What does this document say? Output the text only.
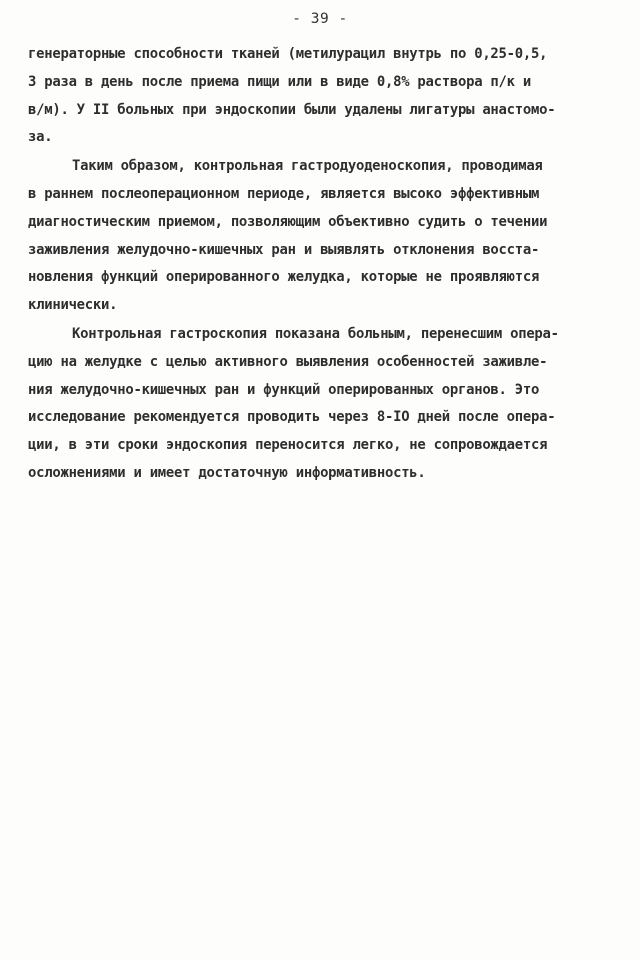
- 39 -
генераторные способности тканей (метилурацил внутрь по 0,25-0,5,
3 раза в день после приема пищи или в виде 0,8% раствора п/к и
в/м). У II больных при эндоскопии были удалены лигатуры анастомо-
за.
Таким образом, контрольная гастродуоденоскопия, проводимая
в раннем послеоперационном периоде, является высоко эффективным
диагностическим приемом, позволяющим объективно судить о течении
заживления желудочно-кишечных ран и выявлять отклонения восста-
новления функций оперированного желудка, которые не проявляются
клинически.
Контрольная гастроскопия показана больным, перенесшим опера-
цию на желудке с целью активного выявления особенностей заживле-
ния желудочно-кишечных ран и функций оперированных органов. Это
исследование рекомендуется проводить через 8-IO дней после опера-
ции, в эти сроки эндоскопия переносится легко, не сопровождается
осложнениями и имеет достаточную информативность.
